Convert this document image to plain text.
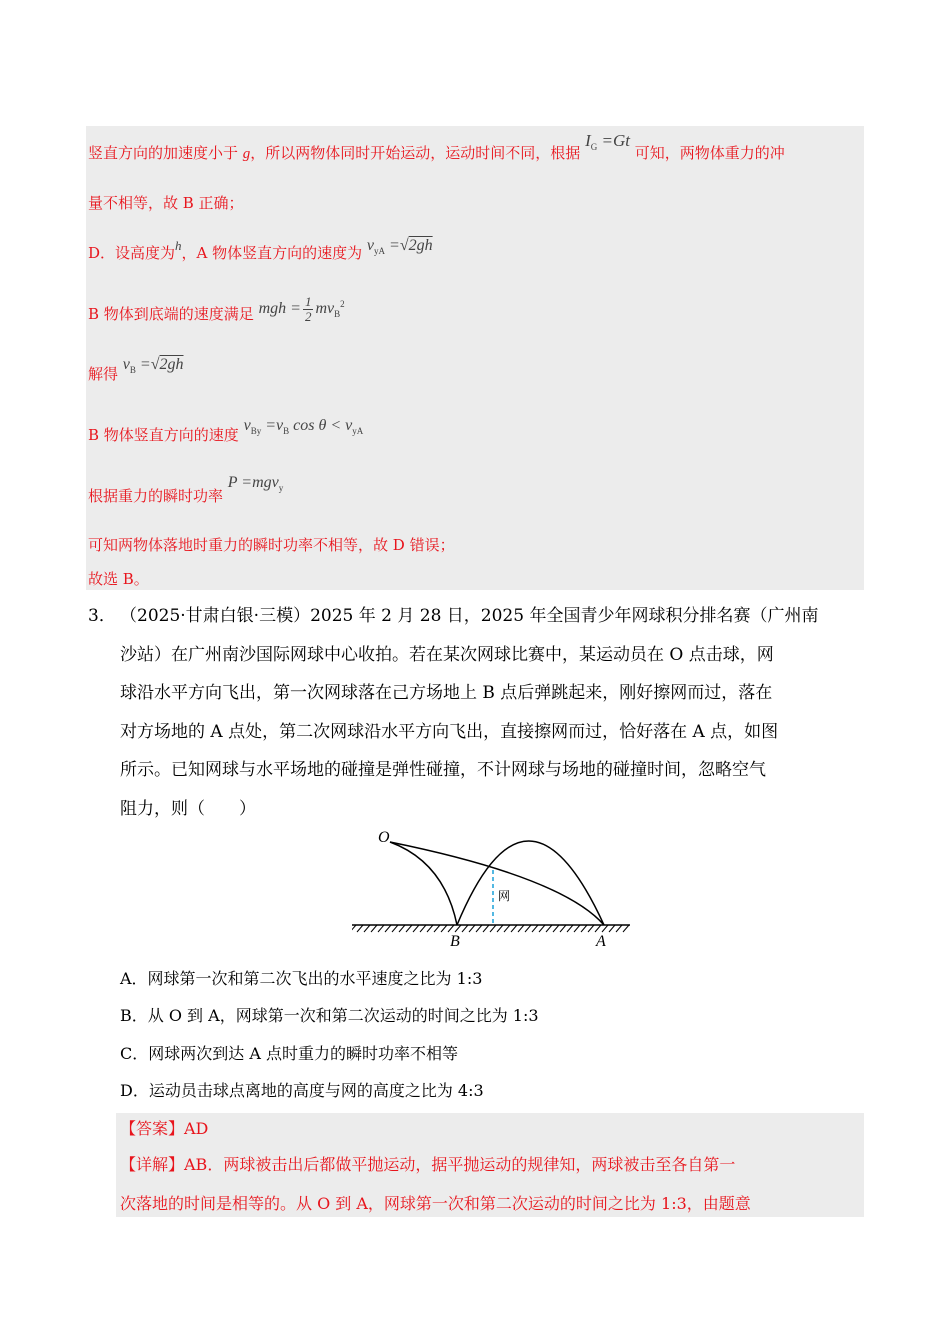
竖直方向的加速度小于 g，所以两物体同时开始运动，运动时间不同，根据 $I_G =Gt$ 可知，两物体重力的冲
量不相等，故 B 正确；
D．设高度为h，A 物体竖直方向的速度为 $v_{yA} =√2gh$
B 物体到底端的速度满足 mgh = $\frac{1}{2} mv_B^2$
解得 $v_B =√2gh$
B 物体竖直方向的速度 $v_{By} =v_B$ $\cos \theta < v_{yA}$
根据重力的瞬时功率 P =mgv$_y$
可知两物体落地时重力的瞬时功率不相等，故 D 错误；
故选 B。
3． （2025·甘肃白银·三模）2025 年 2 月 28 日，2025 年全国青少年网球积分排名赛（广州南
沙站）在广州南沙国际网球中心收拍。若在某次网球比赛中，某运动员在 O 点击球，网
球沿水平方向飞出，第一次网球落在己方场地上 B 点后弹跳起来，刚好擦网而过，落在
对方场地的 A 点处，第二次网球沿水平方向飞出，直接擦网而过，恰好落在 A 点，如图
所示。已知网球与水平场地的碰撞是弹性碰撞，不计网球与场地的碰撞时间，忽略空气
阻力，则（　　）
O
网
B	A
A．网球第一次和第二次飞出的水平速度之比为 1:3
B．从 O 到 A，网球第一次和第二次运动的时间之比为 1:3
C．网球两次到达 A 点时重力的瞬时功率不相等
D．运动员击球点离地的高度与网的高度之比为 4:3
【答案】AD
【详解】AB．两球被击出后都做平抛运动，据平抛运动的规律知，两球被击至各自第一
次落地的时间是相等的。从 O 到 A，网球第一次和第二次运动的时间之比为 1:3，由题意
